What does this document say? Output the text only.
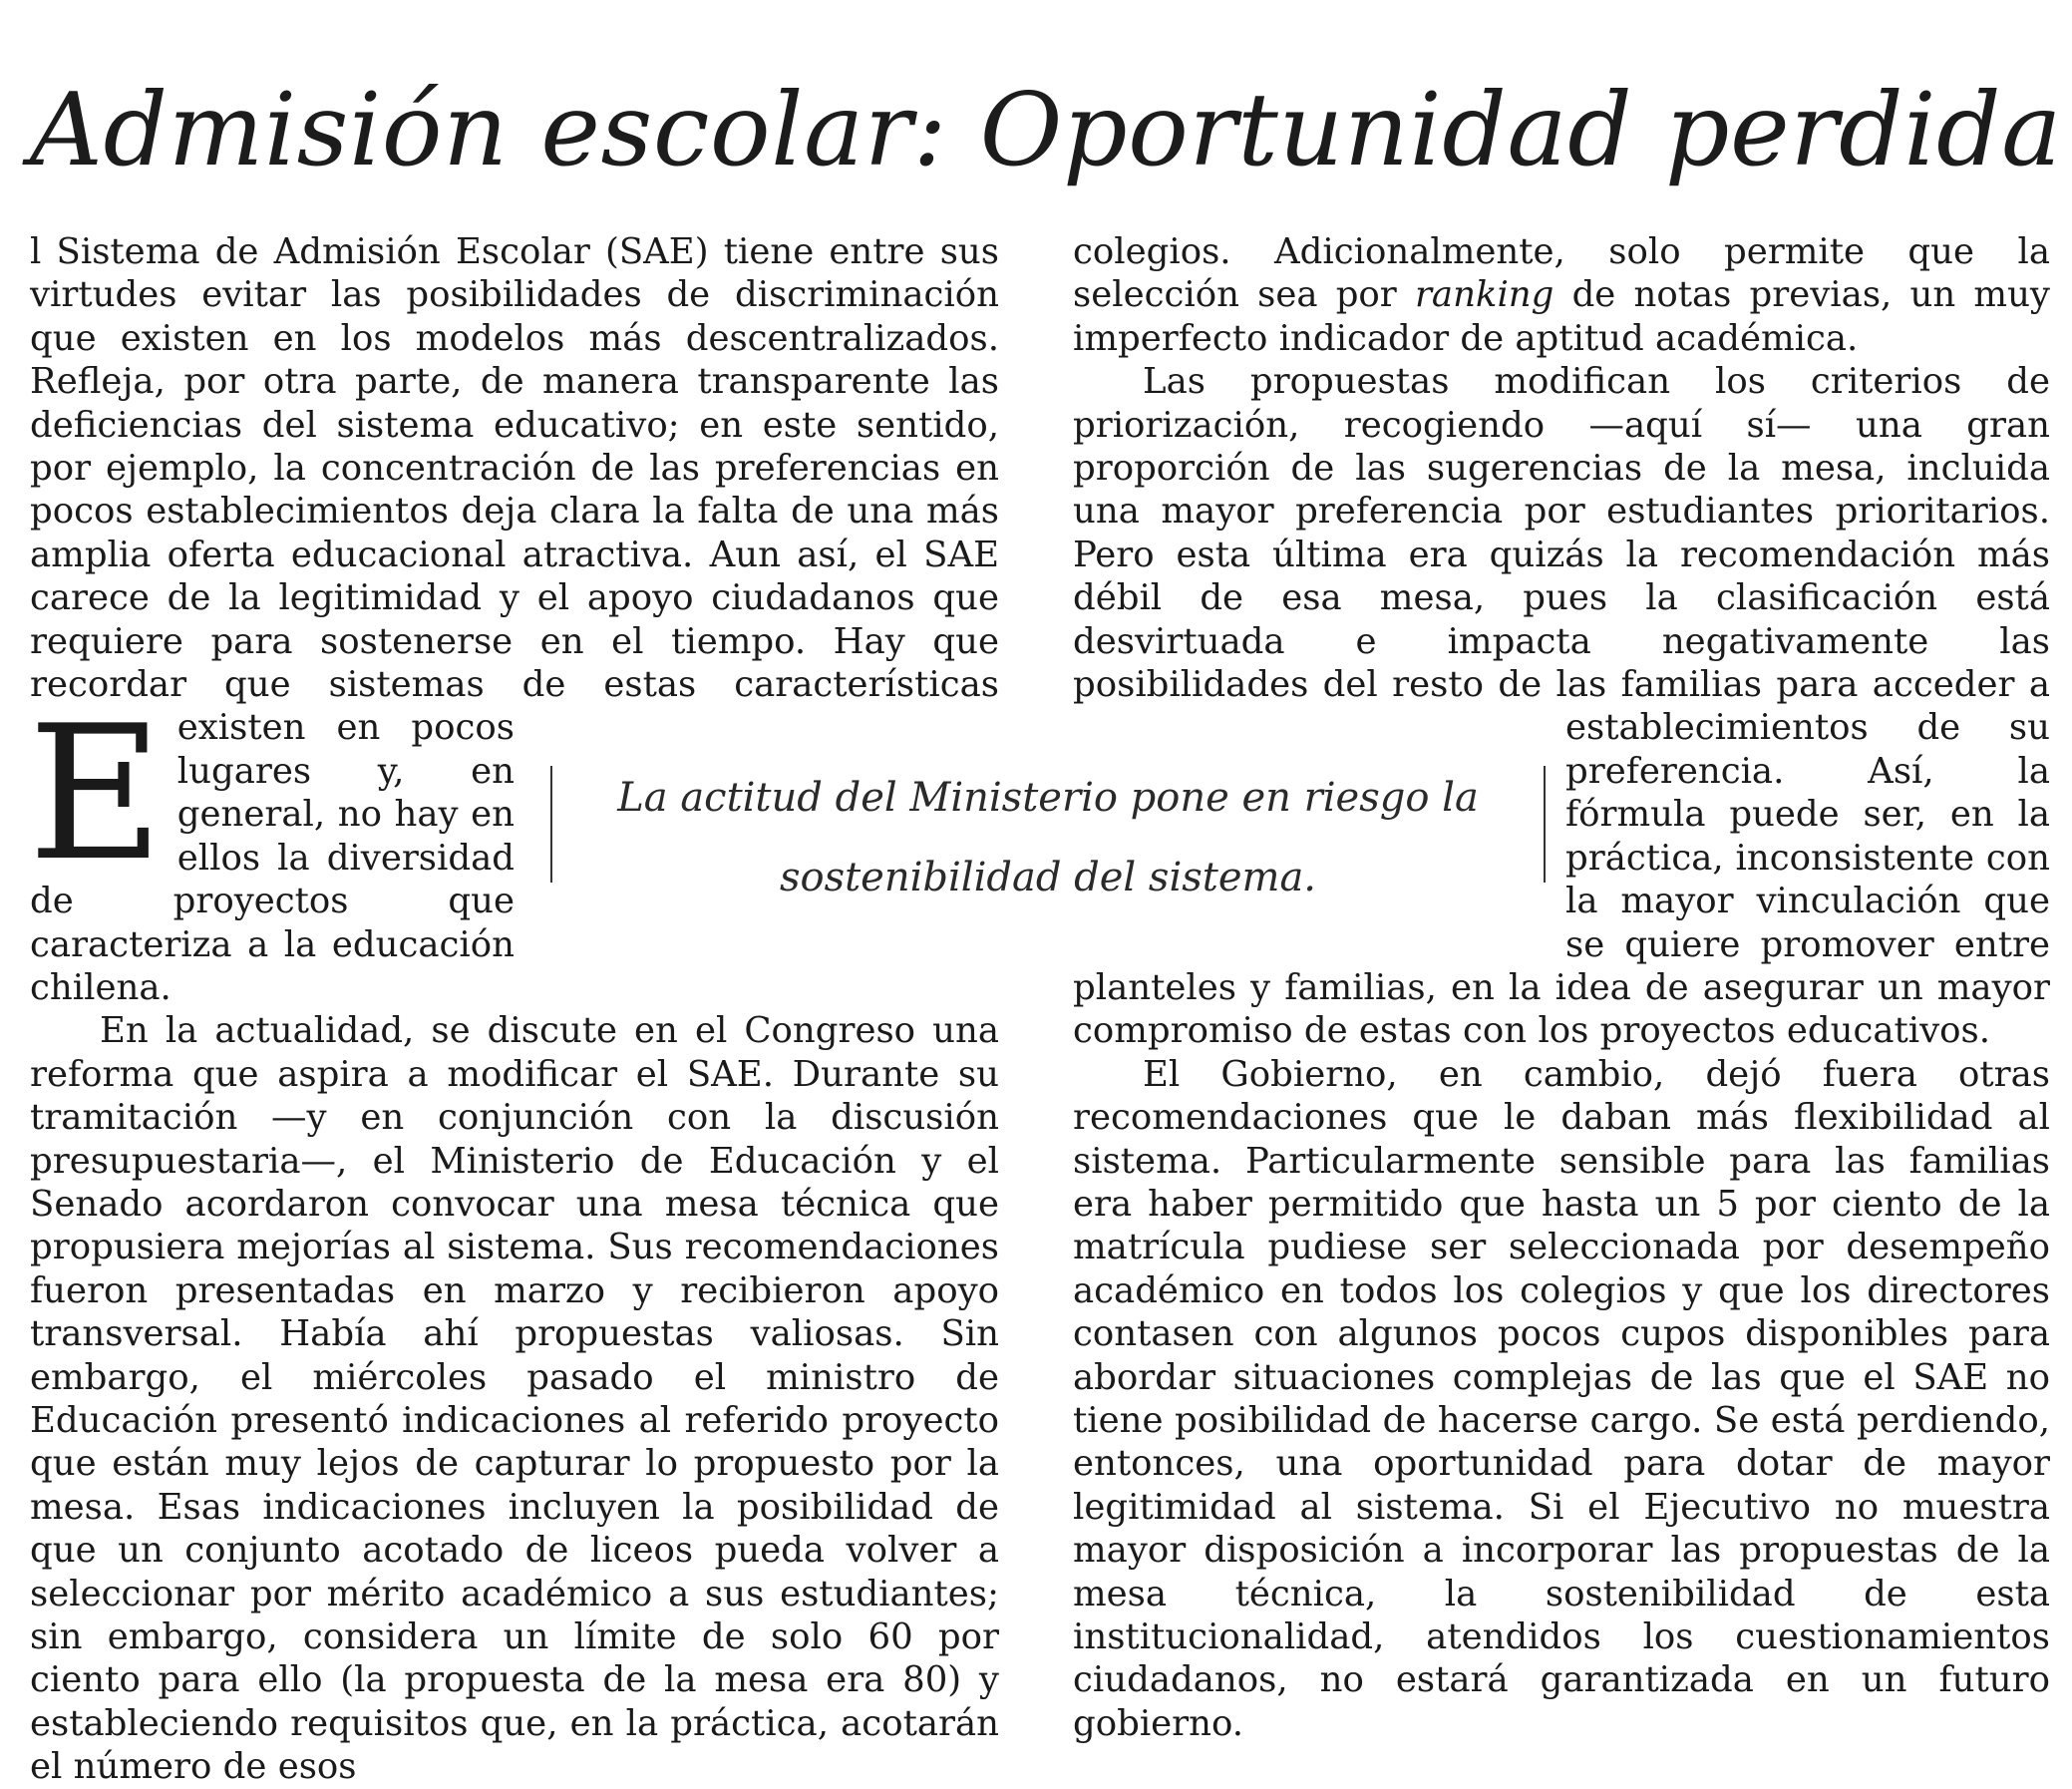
Admisión escolar: Oportunidad perdida

E
l Sistema de Admisión Escolar (SAE) tiene entre sus virtudes evitar las posibilidades de discriminación que existen en los modelos más descentralizados. Refleja, por otra parte, de manera transparente las deficiencias del sistema educativo; en este sentido, por ejemplo, la concentración de las preferencias en pocos establecimientos deja clara la falta de una más amplia oferta educacional atractiva. Aun así, el SAE carece de la legitimidad y el apoyo ciudadanos que requiere para sostenerse en el tiempo. Hay que recordar que sistemas de estas características existen en pocos lugares y, en general, no hay en ellos la diversidad de proyectos que caracteriza a la educación chilena.

En la actualidad, se discute en el Congreso una reforma que aspira a modificar el SAE. Durante su tramitación —y en conjunción con la discusión presupuestaria—, el Ministerio de Educación y el Senado acordaron convocar una mesa técnica que propusiera mejorías al sistema. Sus recomendaciones fueron presentadas en marzo y recibieron apoyo transversal. Había ahí propuestas valiosas. Sin embargo, el miércoles pasado el ministro de Educación presentó indicaciones al referido proyecto que están muy lejos de capturar lo propuesto por la mesa. Esas indicaciones incluyen la posibilidad de que un conjunto acotado de liceos pueda volver a seleccionar por mérito académico a sus estudiantes; sin embargo, considera un límite de solo 60 por ciento para ello (la propuesta de la mesa era 80) y estableciendo requisitos que, en la práctica, acotarán el número de esos

colegios. Adicionalmente, solo permite que la selección sea por ranking de notas previas, un muy imperfecto indicador de aptitud académica.

Las propuestas modifican los criterios de priorización, recogiendo —aquí sí— una gran proporción de las sugerencias de la mesa, incluida una mayor preferencia por estudiantes prioritarios. Pero esta última era quizás la recomendación más débil de esa mesa, pues la clasificación está desvirtuada e impacta negativamente las posibilidades del resto de las familias para acceder a establecimientos de su preferencia. Así, la fórmula puede ser, en la práctica, inconsistente con la mayor vinculación que se quiere promover entre planteles y familias, en la idea de asegurar un mayor compromiso de estas con los proyectos educativos.

El Gobierno, en cambio, dejó fuera otras recomendaciones que le daban más flexibilidad al sistema. Particularmente sensible para las familias era haber permitido que hasta un 5 por ciento de la matrícula pudiese ser seleccionada por desempeño académico en todos los colegios y que los directores contasen con algunos pocos cupos disponibles para abordar situaciones complejas de las que el SAE no tiene posibilidad de hacerse cargo. Se está perdiendo, entonces, una oportunidad para dotar de mayor legitimidad al sistema. Si el Ejecutivo no muestra mayor disposición a incorporar las propuestas de la mesa técnica, la sostenibilidad de esta institucionalidad, atendidos los cuestionamientos ciudadanos, no estará garantizada en un futuro gobierno.

La actitud del Ministerio pone en riesgo la sostenibilidad del sistema.
